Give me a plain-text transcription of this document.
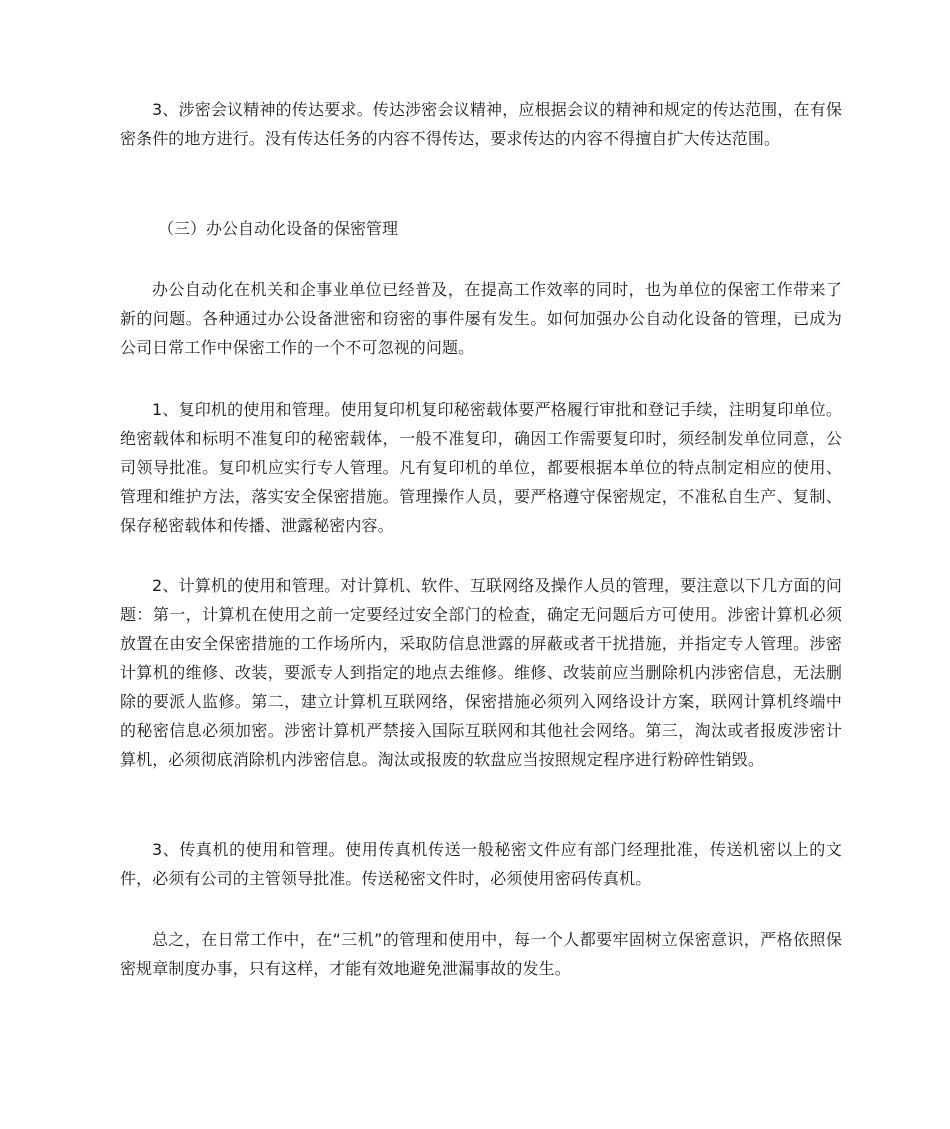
3、涉密会议精神的传达要求。传达涉密会议精神，应根据会议的精神和规定的传达范围，在有保密条件的地方进行。没有传达任务的内容不得传达，要求传达的内容不得擅自扩大传达范围。

（三）办公自动化设备的保密管理

办公自动化在机关和企事业单位已经普及，在提高工作效率的同时，也为单位的保密工作带来了新的问题。各种通过办公设备泄密和窃密的事件屡有发生。如何加强办公自动化设备的管理，已成为公司日常工作中保密工作的一个不可忽视的问题。

1、复印机的使用和管理。使用复印机复印秘密载体要严格履行审批和登记手续，注明复印单位。绝密载体和标明不准复印的秘密载体，一般不准复印，确因工作需要复印时，须经制发单位同意，公司领导批准。复印机应实行专人管理。凡有复印机的单位，都要根据本单位的特点制定相应的使用、管理和维护方法，落实安全保密措施。管理操作人员，要严格遵守保密规定，不准私自生产、复制、保存秘密载体和传播、泄露秘密内容。

2、计算机的使用和管理。对计算机、软件、互联网络及操作人员的管理，要注意以下几方面的问题：第一，计算机在使用之前一定要经过安全部门的检查，确定无问题后方可使用。涉密计算机必须放置在由安全保密措施的工作场所内，采取防信息泄露的屏蔽或者干扰措施，并指定专人管理。涉密计算机的维修、改装，要派专人到指定的地点去维修。维修、改装前应当删除机内涉密信息，无法删除的要派人监修。第二，建立计算机互联网络，保密措施必须列入网络设计方案，联网计算机终端中的秘密信息必须加密。涉密计算机严禁接入国际互联网和其他社会网络。第三，淘汰或者报废涉密计算机，必须彻底消除机内涉密信息。淘汰或报废的软盘应当按照规定程序进行粉碎性销毁。

3、传真机的使用和管理。使用传真机传送一般秘密文件应有部门经理批准，传送机密以上的文件，必须有公司的主管领导批准。传送秘密文件时，必须使用密码传真机。

总之，在日常工作中，在“三机”的管理和使用中，每一个人都要牢固树立保密意识，严格依照保密规章制度办事，只有这样，才能有效地避免泄漏事故的发生。
